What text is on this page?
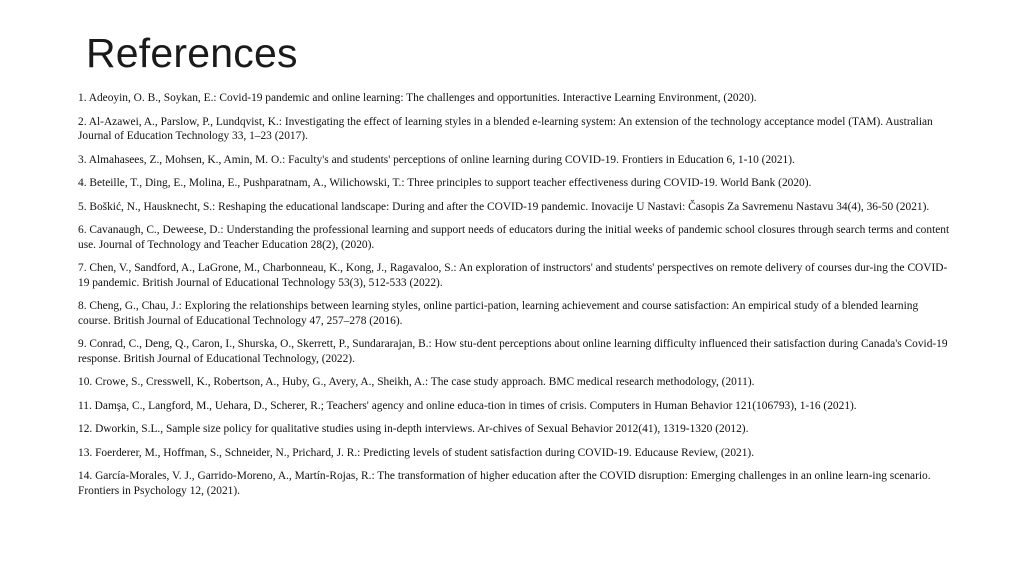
References
1. Adeoyin, O. B., Soykan, E.: Covid-19 pandemic and online learning: The challenges and opportunities. Interactive Learning Environment, (2020).
2. Al-Azawei, A., Parslow, P., Lundqvist, K.: Investigating the effect of learning styles in a blended e-learning system: An extension of the technology acceptance model (TAM). Australian Journal of Education Technology 33, 1–23 (2017).
3. Almahasees, Z., Mohsen, K., Amin, M. O.: Faculty's and students' perceptions of online learning during COVID-19. Frontiers in Education 6, 1-10 (2021).
4. Beteille, T., Ding, E., Molina, E., Pushparatnam, A., Wilichowski, T.: Three principles to support teacher effectiveness during COVID-19. World Bank (2020).
5. Boškić, N., Hausknecht, S.: Reshaping the educational landscape: During and after the COVID-19 pandemic. Inovacije U Nastavi: Časopis Za Savremenu Nastavu 34(4), 36-50 (2021).
6. Cavanaugh, C., Deweese, D.: Understanding the professional learning and support needs of educators during the initial weeks of pandemic school closures through search terms and content use. Journal of Technology and Teacher Education 28(2), (2020).
7. Chen, V., Sandford, A., LaGrone, M., Charbonneau, K., Kong, J., Ragavaloo, S.: An exploration of instructors' and students' perspectives on remote delivery of courses dur-ing the COVID-19 pandemic. British Journal of Educational Technology 53(3), 512-533 (2022).
8. Cheng, G., Chau, J.: Exploring the relationships between learning styles, online partici-pation, learning achievement and course satisfaction: An empirical study of a blended learning course. British Journal of Educational Technology 47, 257–278 (2016).
9. Conrad, C., Deng, Q., Caron, I., Shurska, O., Skerrett, P., Sundararajan, B.: How stu-dent perceptions about online learning difficulty influenced their satisfaction during Canada's Covid-19 response. British Journal of Educational Technology, (2022).
10. Crowe, S., Cresswell, K., Robertson, A., Huby, G., Avery, A., Sheikh, A.: The case study approach. BMC medical research methodology, (2011).
11. Damşa, C., Langford, M., Uehara, D., Scherer, R.; Teachers' agency and online educa-tion in times of crisis. Computers in Human Behavior 121(106793), 1-16 (2021).
12. Dworkin, S.L., Sample size policy for qualitative studies using in-depth interviews. Ar-chives of Sexual Behavior 2012(41), 1319-1320 (2012).
13. Foerderer, M., Hoffman, S., Schneider, N., Prichard, J. R.: Predicting levels of student satisfaction during COVID-19. Educause Review, (2021).
14. García-Morales, V. J., Garrido-Moreno, A., Martín-Rojas, R.: The transformation of higher education after the COVID disruption: Emerging challenges in an online learn-ing scenario. Frontiers in Psychology 12, (2021).
